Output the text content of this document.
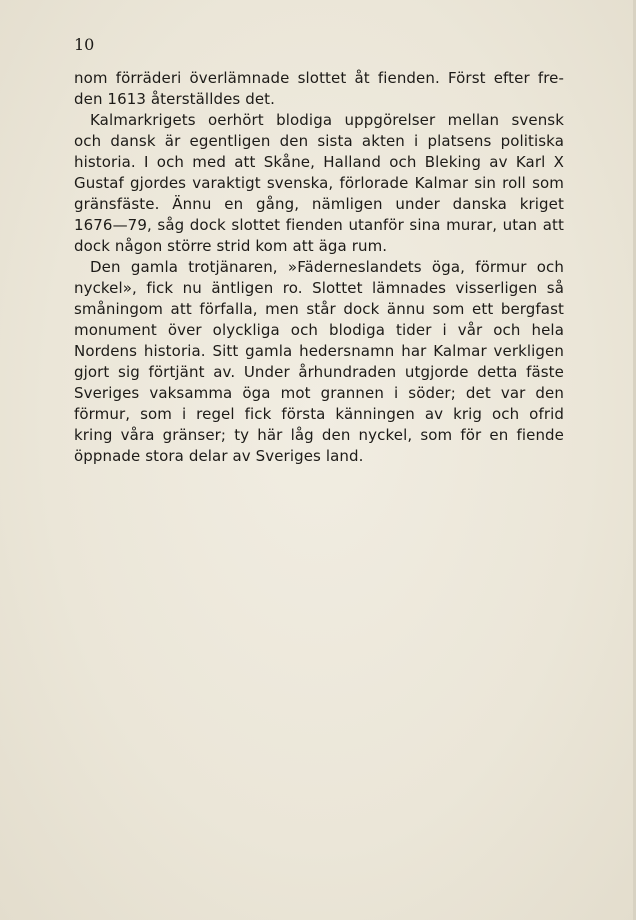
10

nom förräderi överlämnade slottet åt fienden. Först efter fre-
den 1613 återställdes det.
Kalmarkrigets oerhört blodiga uppgörelser mellan svensk
och dansk är egentligen den sista akten i platsens politiska
historia. I och med att Skåne, Halland och Bleking av Karl X
Gustaf gjordes varaktigt svenska, förlorade Kalmar sin roll som
gränsfäste. Ännu en gång, nämligen under danska kriget
1676—79, såg dock slottet fienden utanför sina murar, utan att
dock någon större strid kom att äga rum.
Den gamla trotjänaren, »Fäderneslandets öga, förmur och
nyckel», fick nu äntligen ro. Slottet lämnades visserligen så
småningom att förfalla, men står dock ännu som ett bergfast
monument över olyckliga och blodiga tider i vår och hela
Nordens historia. Sitt gamla hedersnamn har Kalmar verkligen
gjort sig förtjänt av. Under århundraden utgjorde detta fäste
Sveriges vaksamma öga mot grannen i söder; det var den
förmur, som i regel fick första känningen av krig och ofrid
kring våra gränser; ty här låg den nyckel, som för en fiende
öppnade stora delar av Sveriges land.
